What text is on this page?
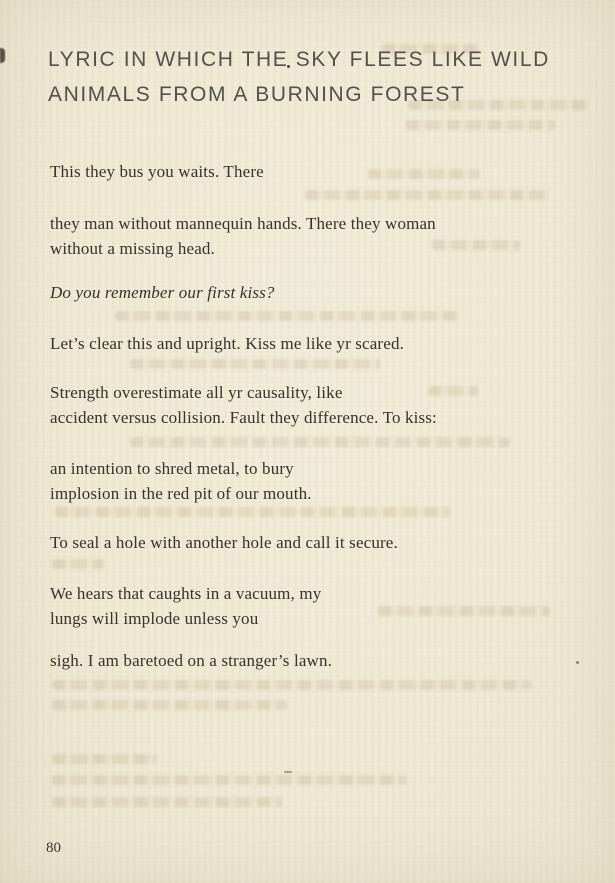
LYRIC IN WHICH THE SKY FLEES LIKE WILD
ANIMALS FROM A BURNING FOREST
This they bus you waits. There
they man without mannequin hands. There they woman
without a missing head.
Do you remember our first kiss?
Let’s clear this and upright. Kiss me like yr scared.
Strength overestimate all yr causality, like
accident versus collision. Fault they difference. To kiss:
an intention to shred metal, to bury
implosion in the red pit of our mouth.
To seal a hole with another hole and call it secure.
We hears that caughts in a vacuum, my
lungs will implode unless you
sigh. I am baretoed on a stranger’s lawn.
80
